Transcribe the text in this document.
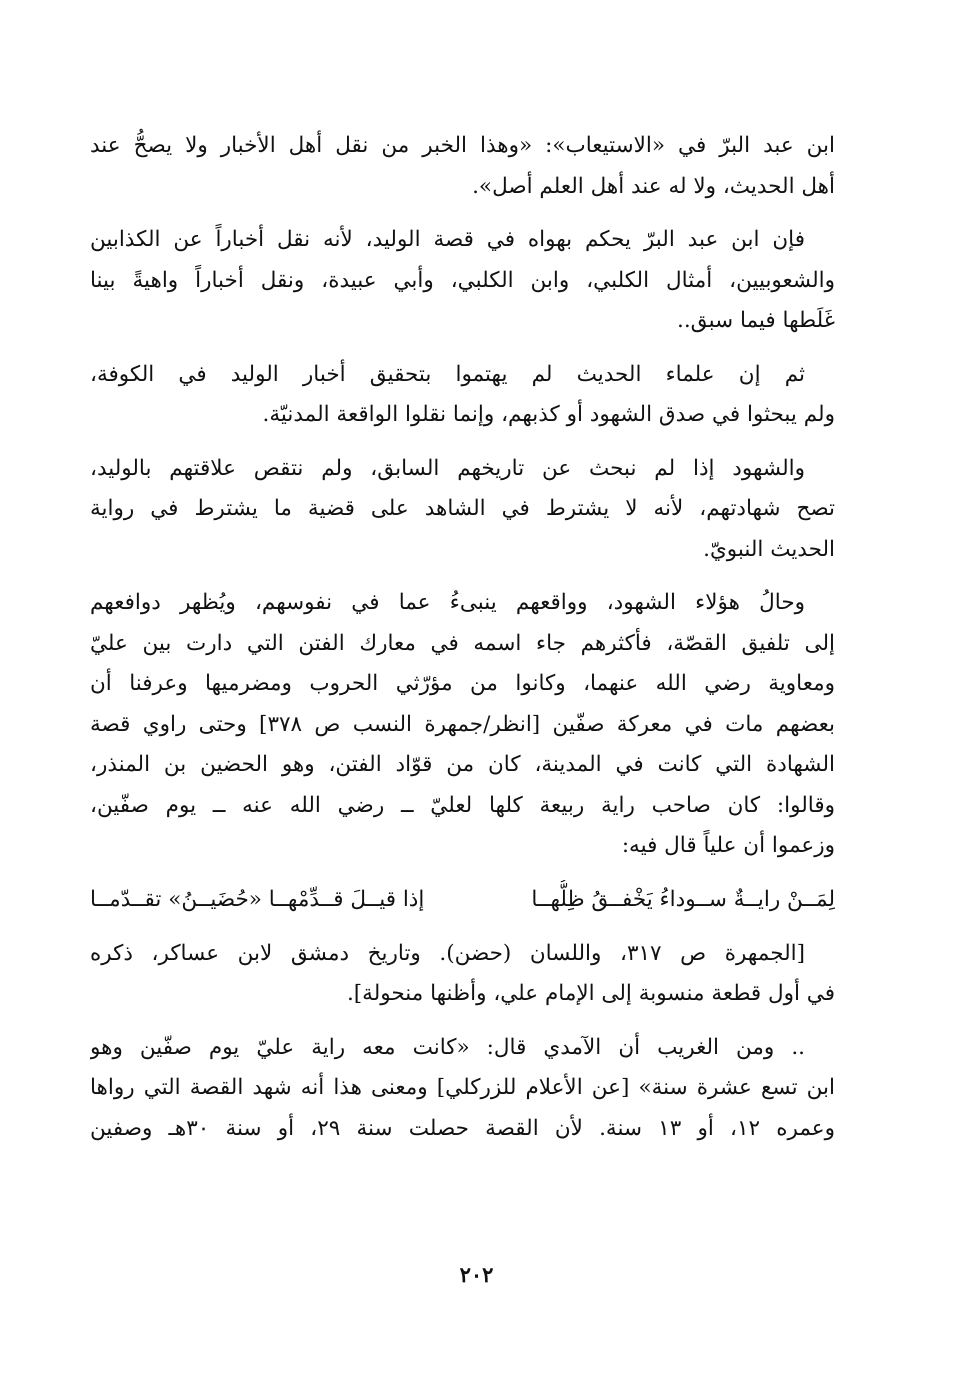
ابن عبد البرّ في «الاستيعاب»: «وهذا الخبر من نقل أهل الأخبار ولا يصحُّ عند
أهل الحديث، ولا له عند أهل العلم أصل».

فإن ابن عبد البرّ يحكم بهواه في قصة الوليد، لأنه نقل أخباراً عن الكذابين
والشعوبيين، أمثال الكلبي، وابن الكلبي، وأبي عبيدة، ونقل أخباراً واهيةً بينا
غَلَطها فيما سبق..

ثم إن علماء الحديث لم يهتموا بتحقيق أخبار الوليد في الكوفة،
ولم يبحثوا في صدق الشهود أو كذبهم، وإنما نقلوا الواقعة المدنيّة.

والشهود إذا لم نبحث عن تاريخهم السابق، ولم نتقص علاقتهم بالوليد،
تصح شهادتهم، لأنه لا يشترط في الشاهد على قضية ما يشترط في رواية
الحديث النبويّ.

وحالُ هؤلاء الشهود، وواقعهم ينبىءُ عما في نفوسهم، ويُظهر دوافعهم
إلى تلفيق القصّة، فأكثرهم جاء اسمه في معارك الفتن التي دارت بين عليّ
ومعاوية رضي الله عنهما، وكانوا من مؤرّثي الحروب ومضرميها وعرفنا أن
بعضهم مات في معركة صفّين [انظر/جمهرة النسب ص ٣٧٨] وحتى راوي قصة
الشهادة التي كانت في المدينة، كان من قوّاد الفتن، وهو الحضين بن المنذر،
وقالوا: كان صاحب راية ربيعة كلها لعليّ ــ رضي الله عنه ــ يوم صفّين،
وزعموا أن علياً قال فيه:

لِمَــنْ رايــةٌ ســوداءُ يَخْفــقُ ظِلُّهــا
إذا قيــلَ قــدِّمْهــا «حُضَيــنُ» تقــدّمــا

[الجمهرة ص ٣١٧، واللسان (حضن). وتاريخ دمشق لابن عساكر، ذكره
في أول قطعة منسوبة إلى الإمام علي، وأظنها منحولة].

.. ومن الغريب أن الآمدي قال: «كانت معه راية عليّ يوم صفّين وهو
ابن تسع عشرة سنة» [عن الأعلام للزركلي] ومعنى هذا أنه شهد القصة التي رواها
وعمره ١٢، أو ١٣ سنة. لأن القصة حصلت سنة ٢٩، أو سنة ٣٠هـ وصفين

٢٠٢
